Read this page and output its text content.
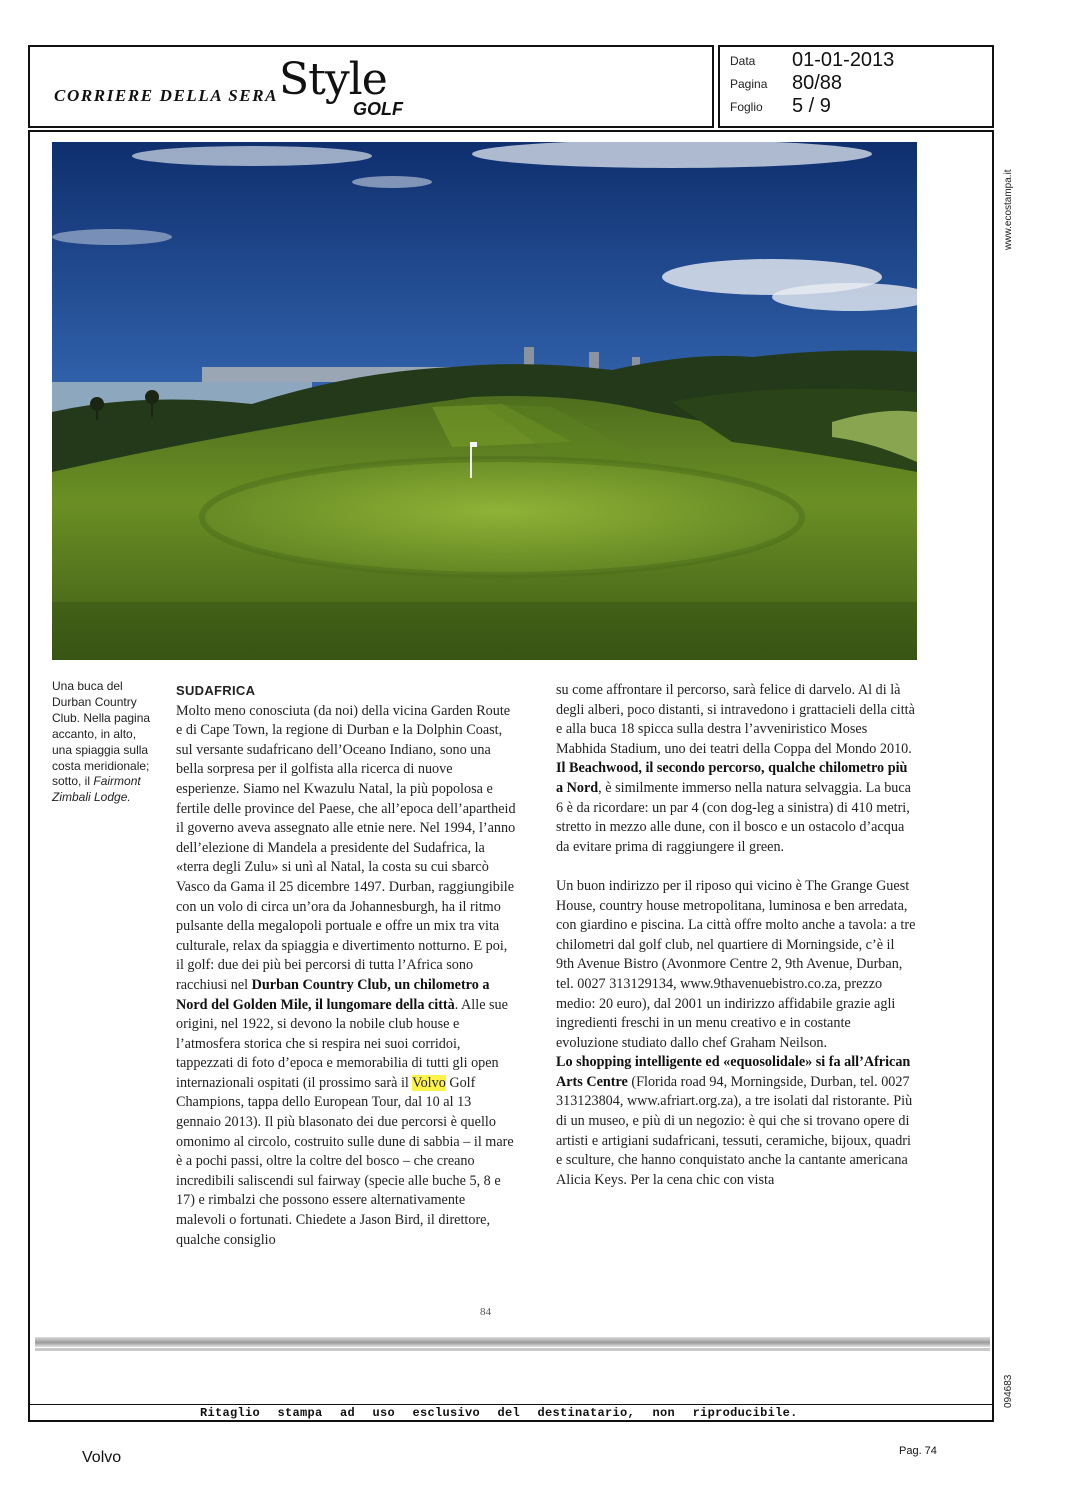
CORRIERE DELLA SERA Style
GOLF
Data 01-01-2013
Pagina 80/88
Foglio 5 / 9
www.ecostampa.it
094683
Una buca del Durban Country Club. Nella pagina accanto, in alto, una spiaggia sulla costa meridionale; sotto, il Fairmont Zimbali Lodge.

SUDAFRICA

Molto meno conosciuta (da noi) della vicina Garden Route e di Cape Town, la regione di Durban e la Dolphin Coast, sul versante sudafricano dell’Oceano Indiano, sono una bella sorpresa per il golfista alla ricerca di nuove esperienze. Siamo nel Kwazulu Natal, la più popolosa e fertile delle province del Paese, che all’epoca dell’apartheid il governo aveva assegnato alle etnie nere. Nel 1994, l’anno dell’elezione di Mandela a presidente del Sudafrica, la «terra degli Zulu» si unì al Natal, la costa su cui sbarcò Vasco da Gama il 25 dicembre 1497. Durban, raggiungibile con un volo di circa un’ora da Johannesburgh, ha il ritmo pulsante della megalopoli portuale e offre un mix tra vita culturale, relax da spiaggia e divertimento notturno. E poi, il golf: due dei più bei percorsi di tutta l’Africa sono racchiusi nel Durban Country Club, un chilometro a Nord del Golden Mile, il lungomare della città. Alle sue origini, nel 1922, si devono la nobile club house e l’atmosfera storica che si respira nei suoi corridoi, tappezzati di foto d’epoca e memorabilia di tutti gli open internazionali ospitati (il prossimo sarà il Volvo Golf Champions, tappa dello European Tour, dal 10 al 13 gennaio 2013). Il più blasonato dei due percorsi è quello omonimo al circolo, costruito sulle dune di sabbia – il mare è a pochi passi, oltre la coltre del bosco – che creano incredibili saliscendi sul fairway (specie alle buche 5, 8 e 17) e rimbalzi che possono essere alternativamente malevoli o fortunati. Chiedete a Jason Bird, il direttore, qualche consiglio

su come affrontare il percorso, sarà felice di darvelo. Al di là degli alberi, poco distanti, si intravedono i grattacieli della città e alla buca 18 spicca sulla destra l’avveniristico Moses Mabhida Stadium, uno dei teatri della Coppa del Mondo 2010. Il Beachwood, il secondo percorso, qualche chilometro più a Nord, è similmente immerso nella natura selvaggia. La buca 6 è da ricordare: un par 4 (con dog-leg a sinistra) di 410 metri, stretto in mezzo alle dune, con il bosco e un ostacolo d’acqua da evitare prima di raggiungere il green.

Un buon indirizzo per il riposo qui vicino è The Grange Guest House, country house metropolitana, luminosa e ben arredata, con giardino e piscina. La città offre molto anche a tavola: a tre chilometri dal golf club, nel quartiere di Morningside, c’è il 9th Avenue Bistro (Avonmore Centre 2, 9th Avenue, Durban, tel. 0027 313129134, www.9thavenuebistro.co.za, prezzo medio: 20 euro), dal 2001 un indirizzo affidabile grazie agli ingredienti freschi in un menu creativo e in costante evoluzione studiato dallo chef Graham Neilson.

Lo shopping intelligente ed «equosolidale» si fa all’African Arts Centre (Florida road 94, Morningside, Durban, tel. 0027 313123804, www.afriart.org.za), a tre isolati dal ristorante. Più di un museo, e più di un negozio: è qui che si trovano opere di artisti e artigiani sudafricani, tessuti, ceramiche, bijoux, quadri e sculture, che hanno conquistato anche la cantante americana Alicia Keys. Per la cena chic con vista

84
Ritaglio stampa ad uso esclusivo del destinatario, non riproducibile.
Volvo	Pag. 74
